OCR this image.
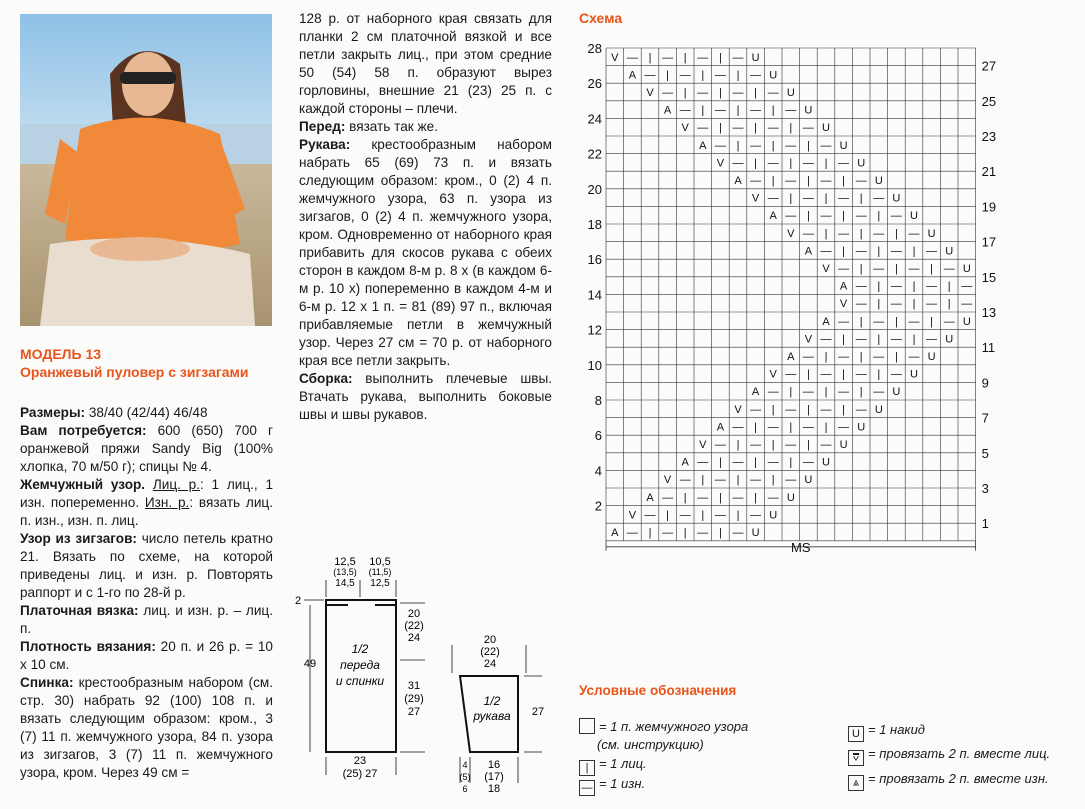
МОДЕЛЬ 13
Оранжевый пуловер с зигзагами

Размеры: 38/40 (42/44) 46/48

Вам потребуется: 600 (650) 700 г оранжевой пряжи Sandy Big (100% хлопка, 70 м/50 г); спицы № 4.

Жемчужный узор. Лиц. р.: 1 лиц., 1 изн. попеременно. Изн. р.: вязать лиц. п. изн., изн. п. лиц.

Узор из зигзагов: число петель кратно 21. Вязать по схеме, на которой приведены лиц. и изн. р. Повторять раппорт и с 1-го по 28-й р.

Платочная вязка: лиц. и изн. р. – лиц. п.

Плотность вязания: 20 п. и 26 р. = 10 x 10 см.

Спинка: крестообразным набором (см. стр. 30) набрать 92 (100) 108 п. и вязать следующим образом: кром., 3 (7) 11 п. жемчужного узора, 84 п. узора из зигзагов, 3 (7) 11 п. жемчужного узора, кром. Через 49 см =

128 р. от наборного края связать для планки 2 см платочной вязкой и все петли закрыть лиц., при этом средние 50 (54) 58 п. образуют вырез горловины, внешние 21 (23) 25 п. с каждой стороны – плечи.

Перед: вязать так же.

Рукава: крестообразным набором набрать 65 (69) 73 п. и вязать следующим образом: кром., 0 (2) 4 п. жемчужного узора, 63 п. узора из зигзагов, 0 (2) 4 п. жемчужного узора, кром. Одновременно от наборного края прибавить для скосов рукава с обеих сторон в каждом 8-м р. 8 х (в каждом 6-м р. 10 х) попеременно в каждом 4-м и 6-м р. 12 х 1 п. = 81 (89) 97 п., включая прибавляемые петли в жемчужный узор. Через 27 см = 70 р. от наборного края все петли закрыть.

Сборка: выполнить плечевые швы. Втачать рукава, выполнить боковые швы и швы рукавов.

Схема
MS
28
26
24
22
20
18
16
14
12
10
8
6
4
2
27
25
23
21
19
17
15
13
11
9
7
5
3
1
V — | — | — | — U
A — | — | — | — U
V — | — | — | — U
A — | — | — | — U
V — | — | — | — U
A — | — | — | — U
V — | — | — | — U
A — | — | — | — U
V — | — | — | — U
A — | — | — | — U
V — | — | — | — U
A — | — | — | — U
V — | — | — | — U
A — | — | — | —
V — | — | — | —
A — | — | — | — U
V — | — | — | — U
A — | — | — | — U
V — | — | — | — U
A — | — | — | — U
V — | — | — | — U
A — | — | — | — U
V — | — | — | — U
A — | — | — | — U
V — | — | — | — U
A — | — | — | — U
V — | — | — | — U
A — | — | — | — U
12,5
(13,5)
14,5
10,5
(11,5)
12,5
2
49
20
(22)
24
31
(29)
27
1/2
переда
и спинки
23
(25) 27
20
(22)
24
1/2
рукава 27
4
(5)
6
16
(17)
18
Условные обозначения
= 1 п. жемчужного узора
(см. инструкцию)
| = 1 лиц.
— = 1 изн.
U = 1 накид
⩢ = провязать 2 п. вместе лиц.
⩓ = провязать 2 п. вместе изн.
